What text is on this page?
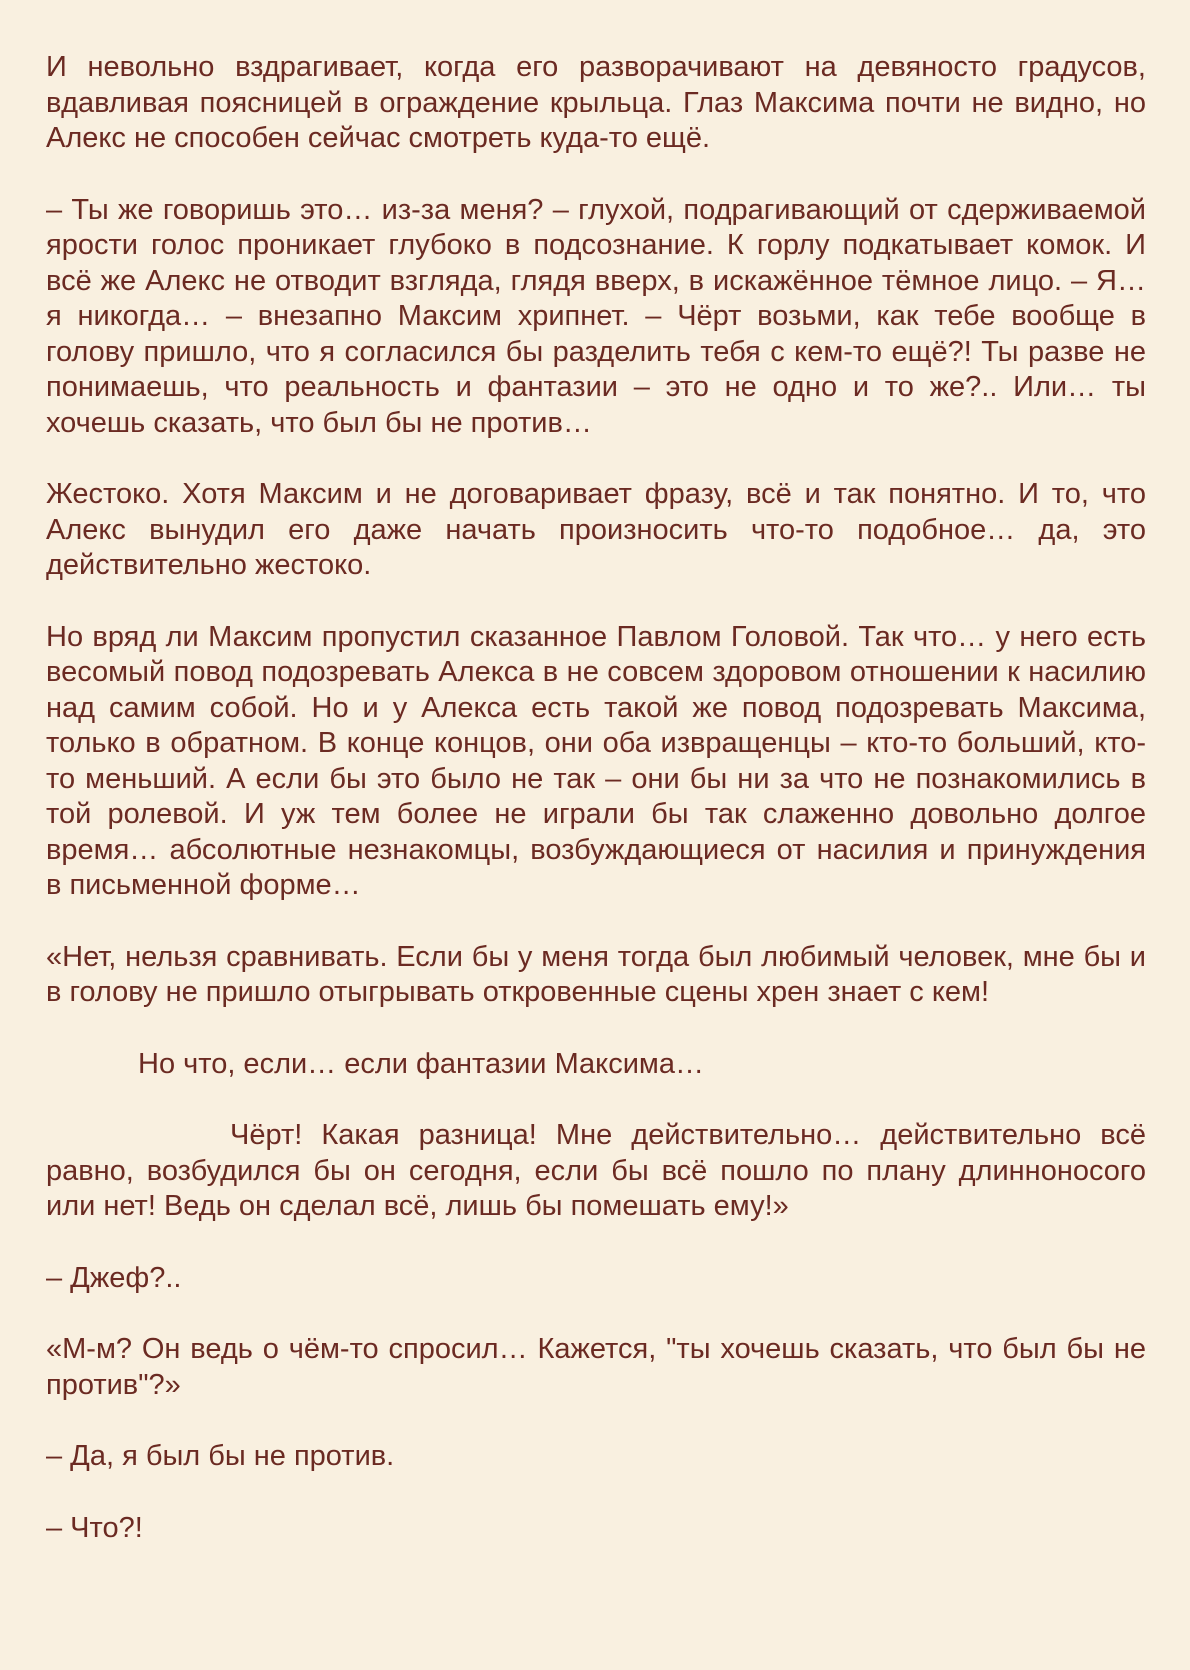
И невольно вздрагивает, когда его разворачивают на девяносто градусов, вдавливая поясницей в ограждение крыльца. Глаз Максима почти не видно, но Алекс не способен сейчас смотреть куда-то ещё.

– Ты же говоришь это… из-за меня? – глухой, подрагивающий от сдерживаемой ярости голос проникает глубоко в подсознание. К горлу подкатывает комок. И всё же Алекс не отводит взгляда, глядя вверх, в искажённое тёмное лицо. – Я… я никогда… – внезапно Максим хрипнет. – Чёрт возьми, как тебе вообще в голову пришло, что я согласился бы разделить тебя с кем-то ещё?! Ты разве не понимаешь, что реальность и фантазии – это не одно и то же?.. Или… ты хочешь сказать, что был бы не против…

Жестоко. Хотя Максим и не договаривает фразу, всё и так понятно. И то, что Алекс вынудил его даже начать произносить что-то подобное… да, это действительно жестоко.

Но вряд ли Максим пропустил сказанное Павлом Головой. Так что… у него есть весомый повод подозревать Алекса в не совсем здоровом отношении к насилию над самим собой. Но и у Алекса есть такой же повод подозревать Максима, только в обратном. В конце концов, они оба извращенцы – кто-то больший, кто-то меньший. А если бы это было не так – они бы ни за что не познакомились в той ролевой. И уж тем более не играли бы так слаженно довольно долгое время… абсолютные незнакомцы, возбуждающиеся от насилия и принуждения в письменной форме…

«Нет, нельзя сравнивать. Если бы у меня тогда был любимый человек, мне бы и в голову не пришло отыгрывать откровенные сцены хрен знает с кем!

Но что, если… если фантазии Максима…

Чёрт! Какая разница! Мне действительно… действительно всё равно, возбудился бы он сегодня, если бы всё пошло по плану длинноносого или нет! Ведь он сделал всё, лишь бы помешать ему!»

– Джеф?..

«М-м? Он ведь о чём-то спросил… Кажется, "ты хочешь сказать, что был бы не против"?»

– Да, я был бы не против.

– Что?!
